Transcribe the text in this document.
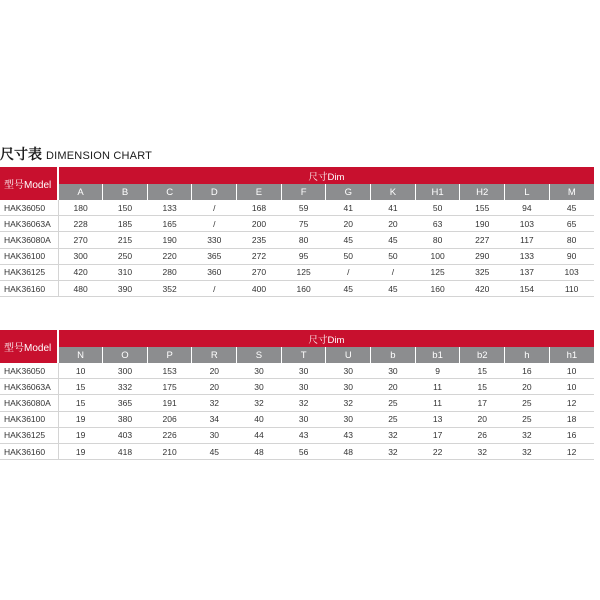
尺寸表 DIMENSION CHART
型号Model	尺寸Dim											
	A	B	C	D	E	F	G	K	H1	H2	L	M
HAK36050	180	150	133	/	168	59	41	41	50	155	94	45
HAK36063A	228	185	165	/	200	75	20	20	63	190	103	65
HAK36080A	270	215	190	330	235	80	45	45	80	227	117	80
HAK36100	300	250	220	365	272	95	50	50	100	290	133	90
HAK36125	420	310	280	360	270	125	/	/	125	325	137	103
HAK36160	480	390	352	/	400	160	45	45	160	420	154	110
型号Model	尺寸Dim											
	N	O	P	R	S	T	U	b	b1	b2	h	h1
HAK36050	10	300	153	20	30	30	30	30	9	15	16	10
HAK36063A	15	332	175	20	30	30	30	20	11	15	20	10
HAK36080A	15	365	191	32	32	32	32	25	11	17	25	12
HAK36100	19	380	206	34	40	30	30	25	13	20	25	18
HAK36125	19	403	226	30	44	43	43	32	17	26	32	16
HAK36160	19	418	210	45	48	56	48	32	22	32	32	12
